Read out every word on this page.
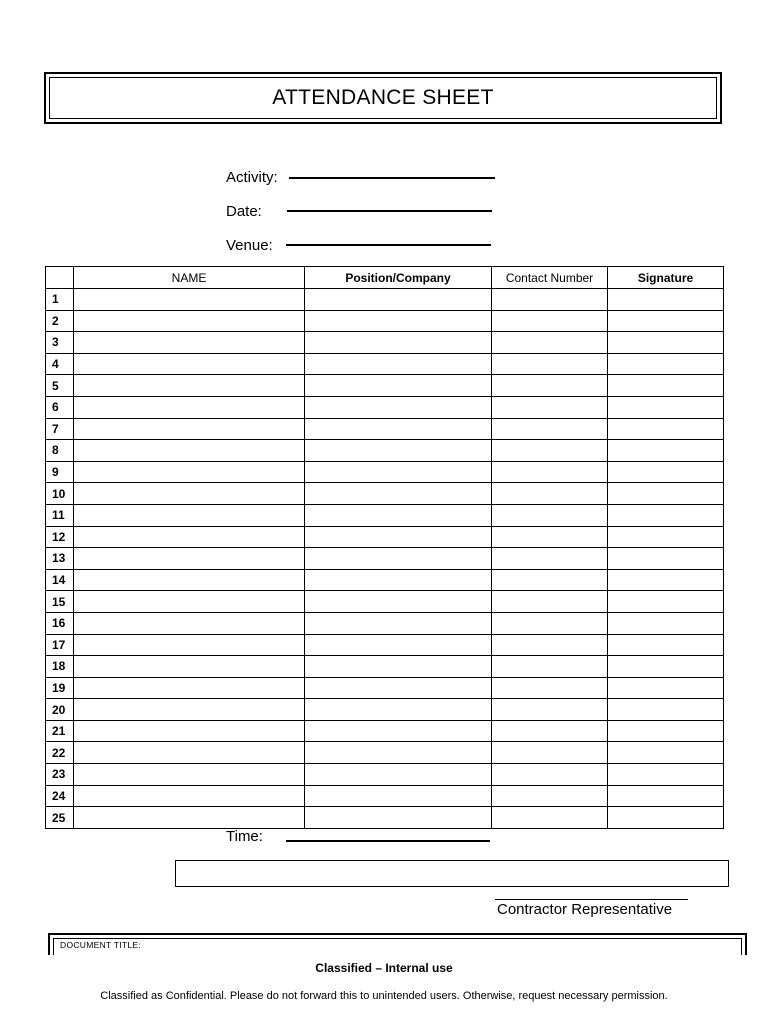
ATTENDANCE SHEET
Activity:
Date:
Venue:
	NAME	Position/Company	Contact Number	Signature
1				
2				
3				
4				
5				
6				
7				
8				
9				
10				
11				
12				
13				
14				
15				
16				
17				
18				
19				
20				
21				
22				
23				
24				
25				
Time:
Contractor Representative
DOCUMENT TITLE:
Classified – Internal use
Classified as Confidential. Please do not forward this to unintended users. Otherwise, request necessary permission.
